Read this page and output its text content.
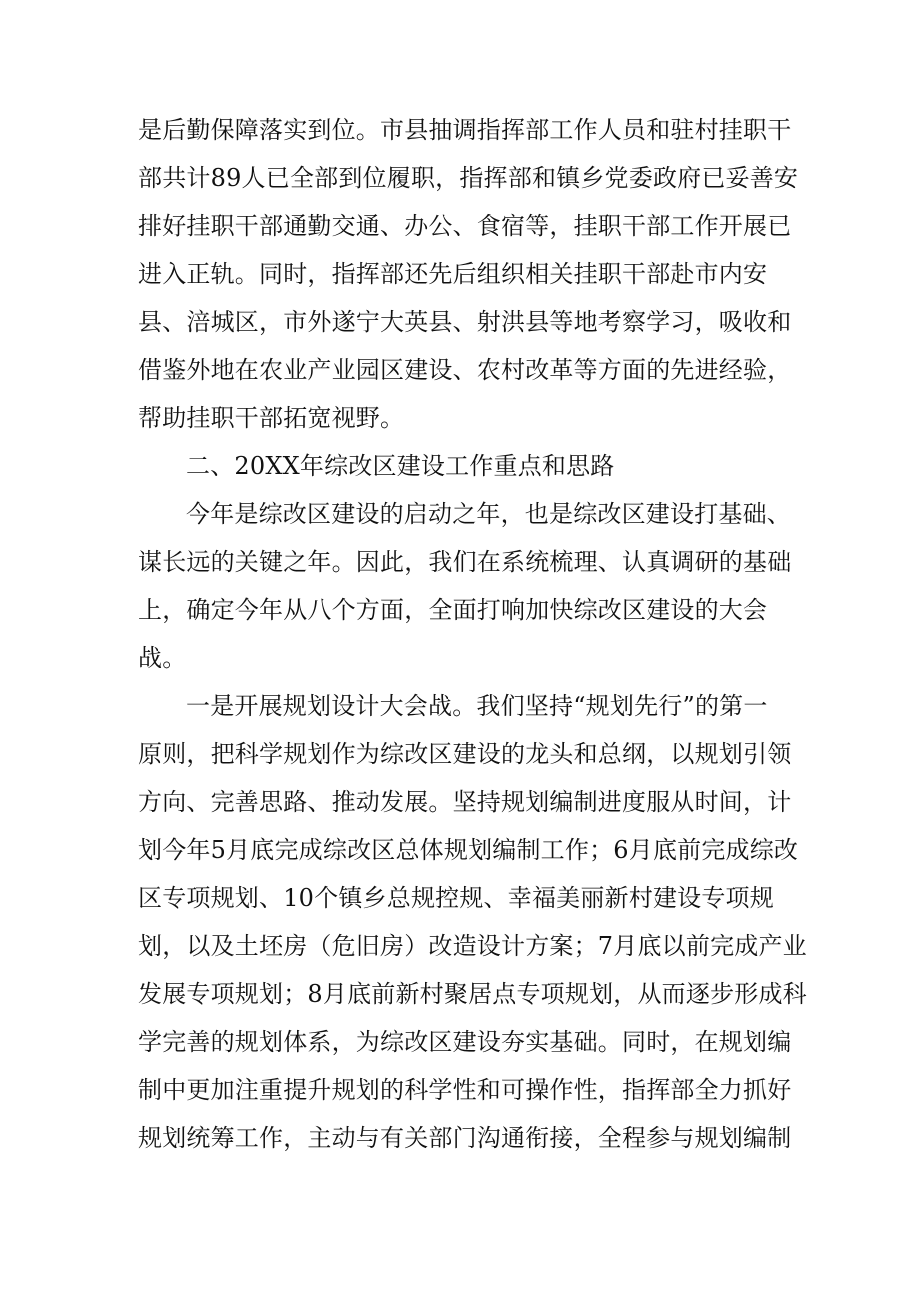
是后勤保障落实到位。市县抽调指挥部工作人员和驻村挂职干
部共计89人已全部到位履职，指挥部和镇乡党委政府已妥善安
排好挂职干部通勤交通、办公、食宿等，挂职干部工作开展已
进入正轨。同时，指挥部还先后组织相关挂职干部赴市内安
县、涪城区，市外遂宁大英县、射洪县等地考察学习，吸收和
借鉴外地在农业产业园区建设、农村改革等方面的先进经验，
帮助挂职干部拓宽视野。
二、20XX年综改区建设工作重点和思路
今年是综改区建设的启动之年，也是综改区建设打基础、
谋长远的关键之年。因此，我们在系统梳理、认真调研的基础
上，确定今年从八个方面，全面打响加快综改区建设的大会
战。
一是开展规划设计大会战。我们坚持“规划先行”的第一
原则，把科学规划作为综改区建设的龙头和总纲，以规划引领
方向、完善思路、推动发展。坚持规划编制进度服从时间，计
划今年5月底完成综改区总体规划编制工作；6月底前完成综改
区专项规划、10个镇乡总规控规、幸福美丽新村建设专项规
划，以及土坯房（危旧房）改造设计方案；7月底以前完成产业
发展专项规划；8月底前新村聚居点专项规划，从而逐步形成科
学完善的规划体系，为综改区建设夯实基础。同时，在规划编
制中更加注重提升规划的科学性和可操作性，指挥部全力抓好
规划统筹工作，主动与有关部门沟通衔接，全程参与规划编制
